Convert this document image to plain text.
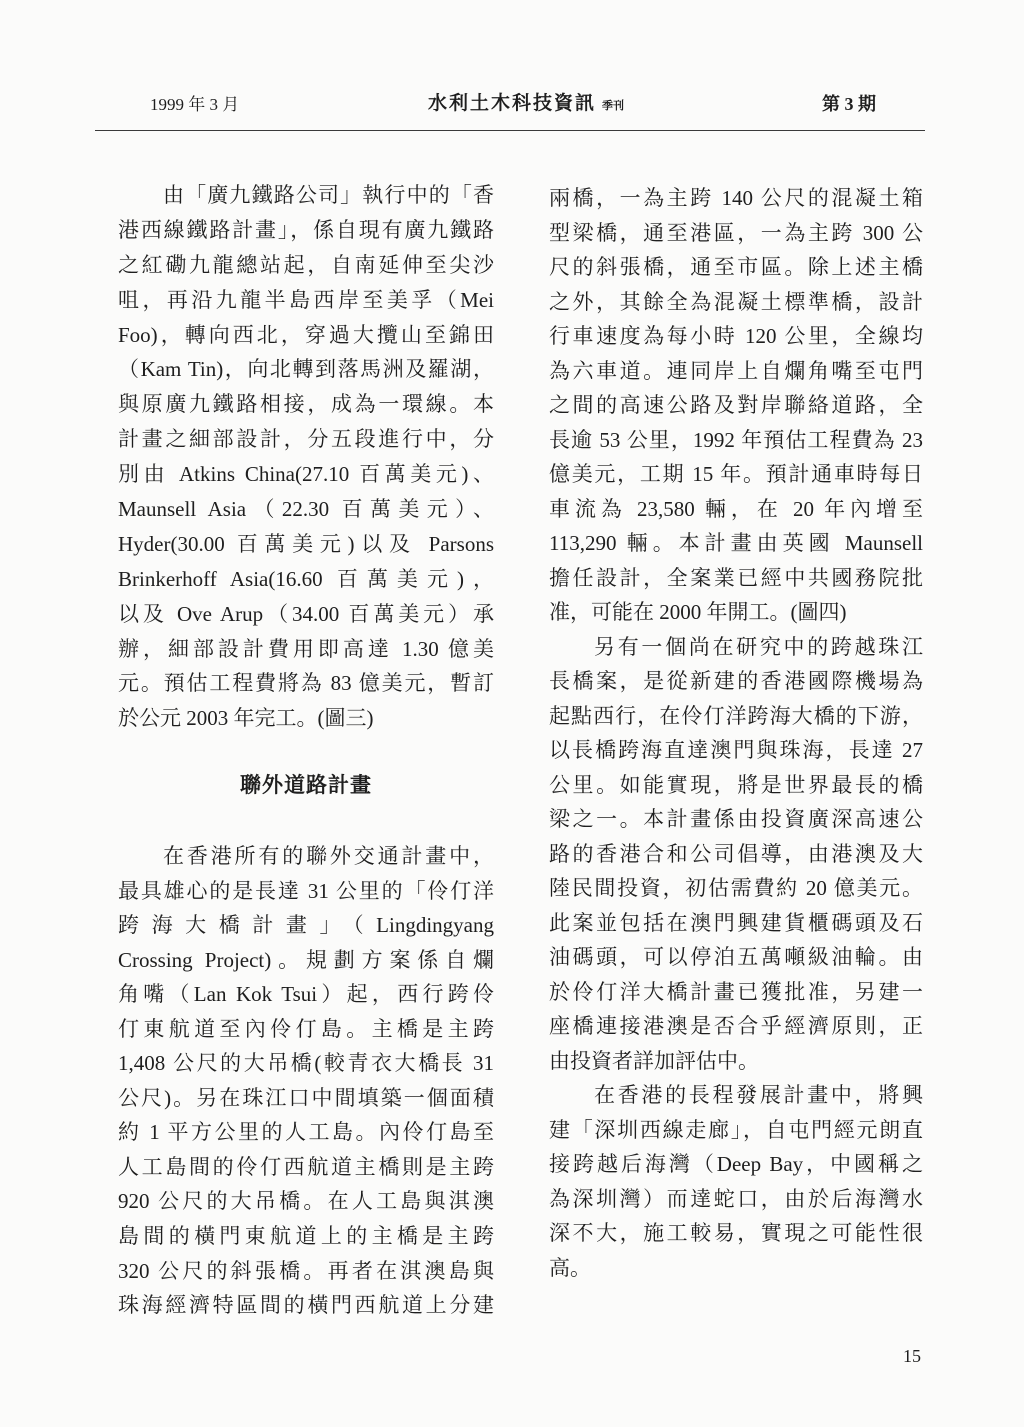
1999 年 3 月	水利土木科技資訊 季刊	第 3 期
由「廣九鐵路公司」執行中的「香
港西線鐵路計畫」，係自現有廣九鐵路
之紅磡九龍總站起，自南延伸至尖沙
咀，再沿九龍半島西岸至美孚（Mei
Foo)，轉向西北，穿過大攬山至錦田
（Kam Tin)，向北轉到落馬洲及羅湖，
與原廣九鐵路相接，成為一環線。本
計畫之細部設計，分五段進行中，分
別由 Atkins China(27.10 百萬美元)、
Maunsell Asia（22.30 百萬美元）、
Hyder(30.00 百萬美元)以及 Parsons
Brinkerhoff Asia(16.60 百萬美元)，
以及 Ove Arup（34.00 百萬美元）承
辦，細部設計費用即高達 1.30 億美
元。預估工程費將為 83 億美元，暫訂
於公元 2003 年完工。(圖三)
聯外道路計畫
在香港所有的聯外交通計畫中，
最具雄心的是長達 31 公里的「伶仃洋
跨海大橋計畫」（Lingdingyang
Crossing Project)。規劃方案係自爛
角嘴（Lan Kok Tsui）起，西行跨伶
仃東航道至內伶仃島。主橋是主跨
1,408 公尺的大吊橋(較青衣大橋長 31
公尺)。另在珠江口中間填築一個面積
約 1 平方公里的人工島。內伶仃島至
人工島間的伶仃西航道主橋則是主跨
920 公尺的大吊橋。在人工島與淇澳
島間的橫門東航道上的主橋是主跨
320 公尺的斜張橋。再者在淇澳島與
珠海經濟特區間的橫門西航道上分建
兩橋，一為主跨 140 公尺的混凝土箱
型梁橋，通至港區，一為主跨 300 公
尺的斜張橋，通至市區。除上述主橋
之外，其餘全為混凝土標準橋，設計
行車速度為每小時 120 公里，全線均
為六車道。連同岸上自爛角嘴至屯門
之間的高速公路及對岸聯絡道路，全
長逾 53 公里，1992 年預估工程費為 23
億美元，工期 15 年。預計通車時每日
車流為 23,580 輛，在 20 年內增至
113,290 輛。本計畫由英國 Maunsell
擔任設計，全案業已經中共國務院批
准，可能在 2000 年開工。(圖四)
另有一個尚在研究中的跨越珠江
長橋案，是從新建的香港國際機場為
起點西行，在伶仃洋跨海大橋的下游，
以長橋跨海直達澳門與珠海，長達 27
公里。如能實現，將是世界最長的橋
梁之一。本計畫係由投資廣深高速公
路的香港合和公司倡導，由港澳及大
陸民間投資，初估需費約 20 億美元。
此案並包括在澳門興建貨櫃碼頭及石
油碼頭，可以停泊五萬噸級油輪。由
於伶仃洋大橋計畫已獲批准，另建一
座橋連接港澳是否合乎經濟原則，正
由投資者詳加評估中。
在香港的長程發展計畫中，將興
建「深圳西線走廊」，自屯門經元朗直
接跨越后海灣（Deep Bay，中國稱之
為深圳灣）而達蛇口，由於后海灣水
深不大，施工較易，實現之可能性很
高。
15
